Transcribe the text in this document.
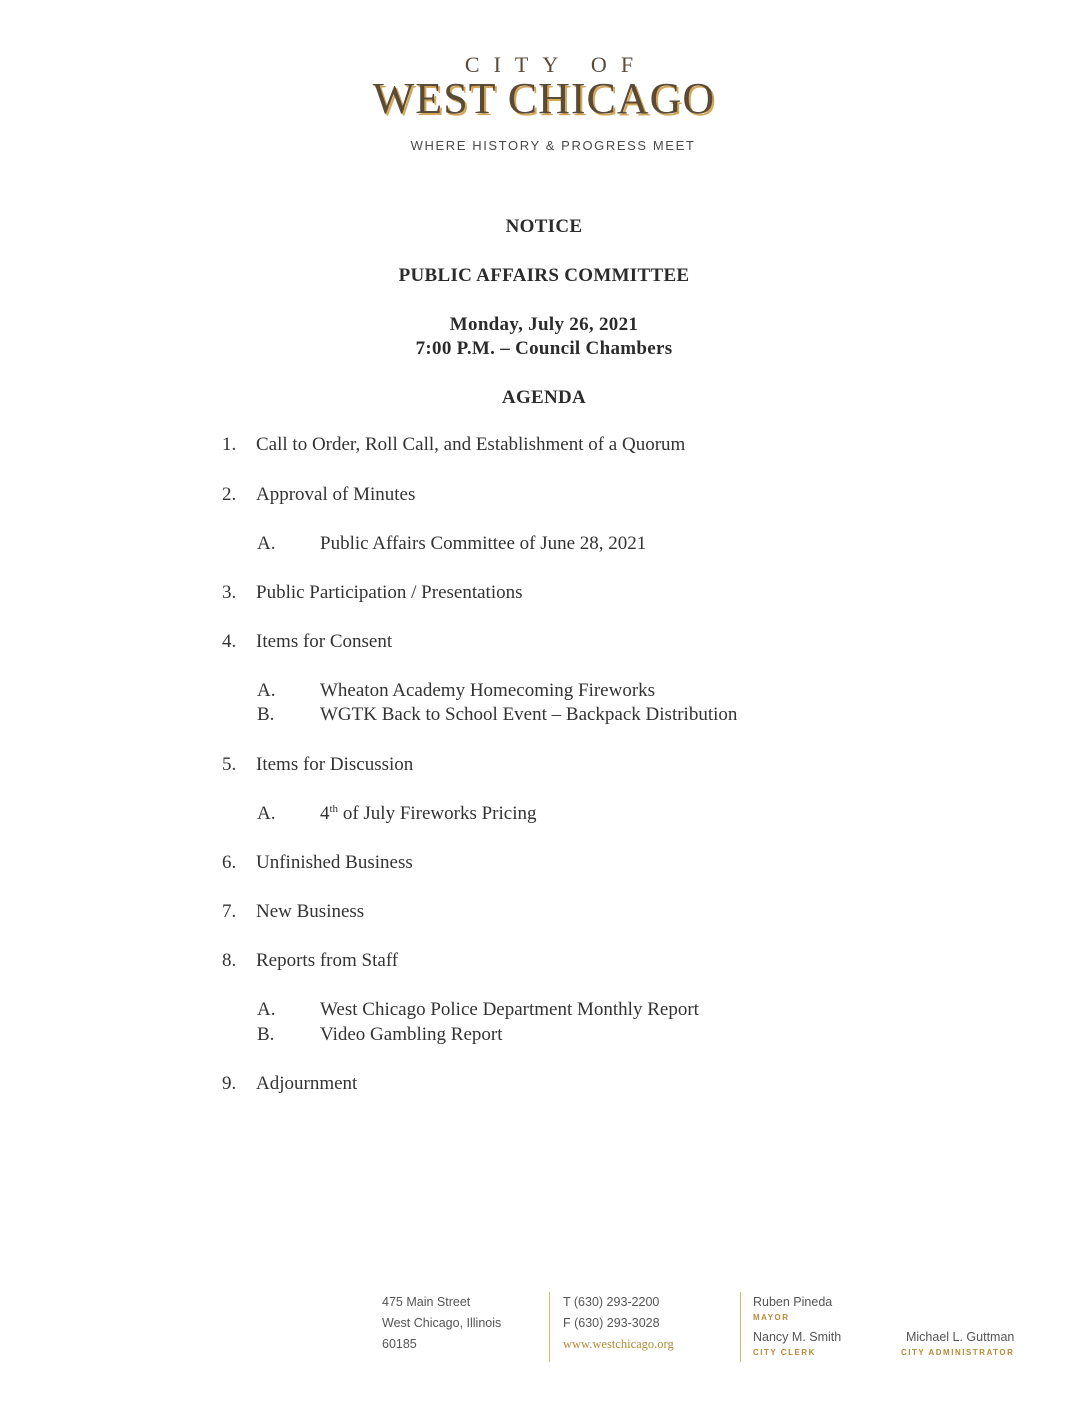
CITY OF
WEST CHICAGO
WHERE HISTORY & PROGRESS MEET
NOTICE
PUBLIC AFFAIRS COMMITTEE
Monday, July 26, 2021
7:00 P.M. – Council Chambers
AGENDA
1. Call to Order, Roll Call, and Establishment of a Quorum
2. Approval of Minutes
A. Public Affairs Committee of June 28, 2021
3. Public Participation / Presentations
4. Items for Consent
A. Wheaton Academy Homecoming Fireworks
B. WGTK Back to School Event – Backpack Distribution
5. Items for Discussion
A. 4th of July Fireworks Pricing
6. Unfinished Business
7. New Business
8. Reports from Staff
A. West Chicago Police Department Monthly Report
B. Video Gambling Report
9. Adjournment
475 Main Street
West Chicago, Illinois
60185
T (630) 293-2200
F (630) 293-3028
www.westchicago.org
Ruben Pineda
MAYOR
Nancy M. Smith
CITY CLERK
Michael L. Guttman
CITY ADMINISTRATOR
